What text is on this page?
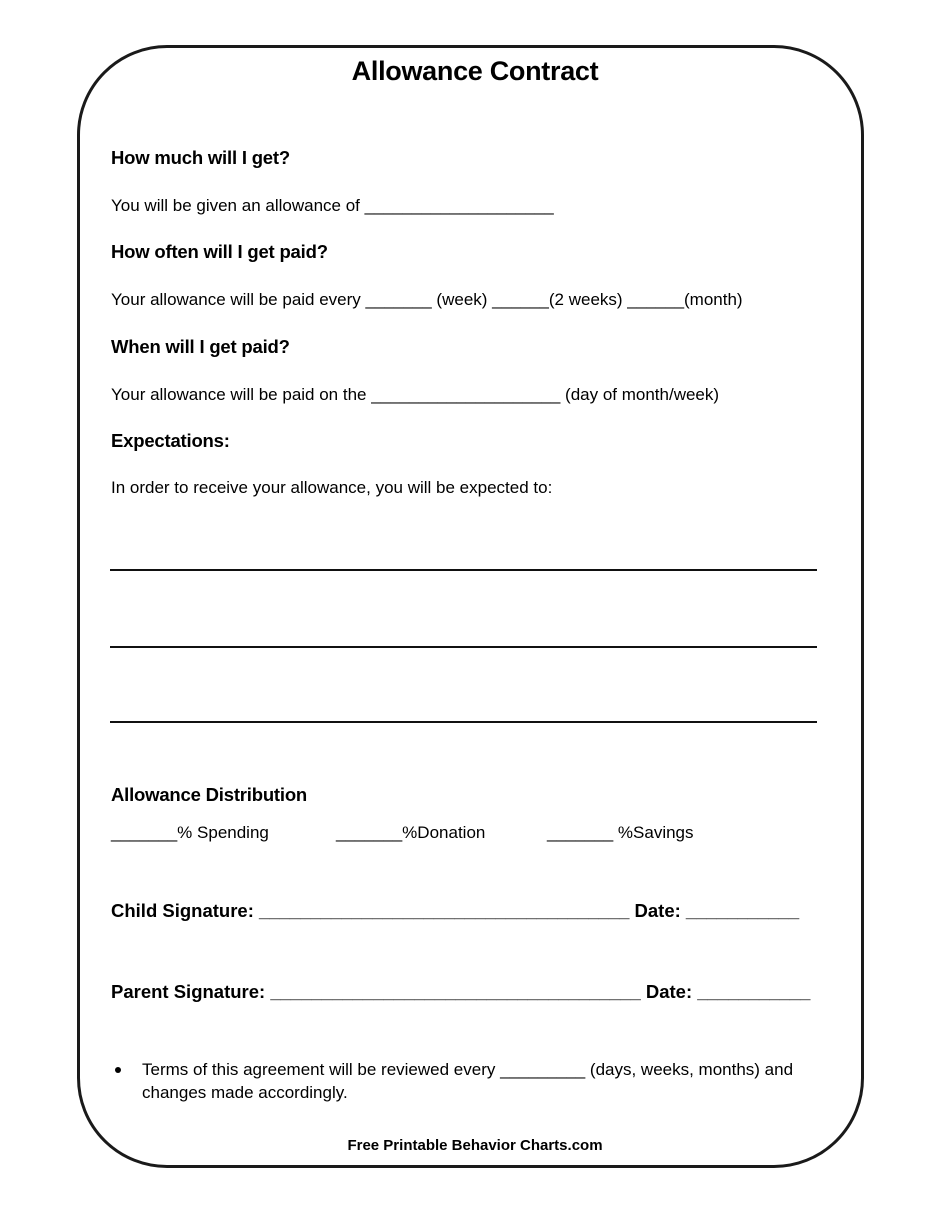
Allowance Contract
How much will I get?
You will be given an allowance of ____________________
How often will I get paid?
Your allowance will be paid every _______ (week) ______(2 weeks) ______(month)
When will I get paid?
Your allowance will be paid on the ____________________ (day of month/week)
Expectations:
In order to receive your allowance, you will be expected to:
Allowance Distribution
_______% Spending	_______%Donation	_______ %Savings
Child Signature: ____________________________________ Date: ___________
Parent Signature: ____________________________________ Date: ___________
Terms of this agreement will be reviewed every _________ (days, weeks, months) and changes made accordingly.
Free Printable Behavior Charts.com
